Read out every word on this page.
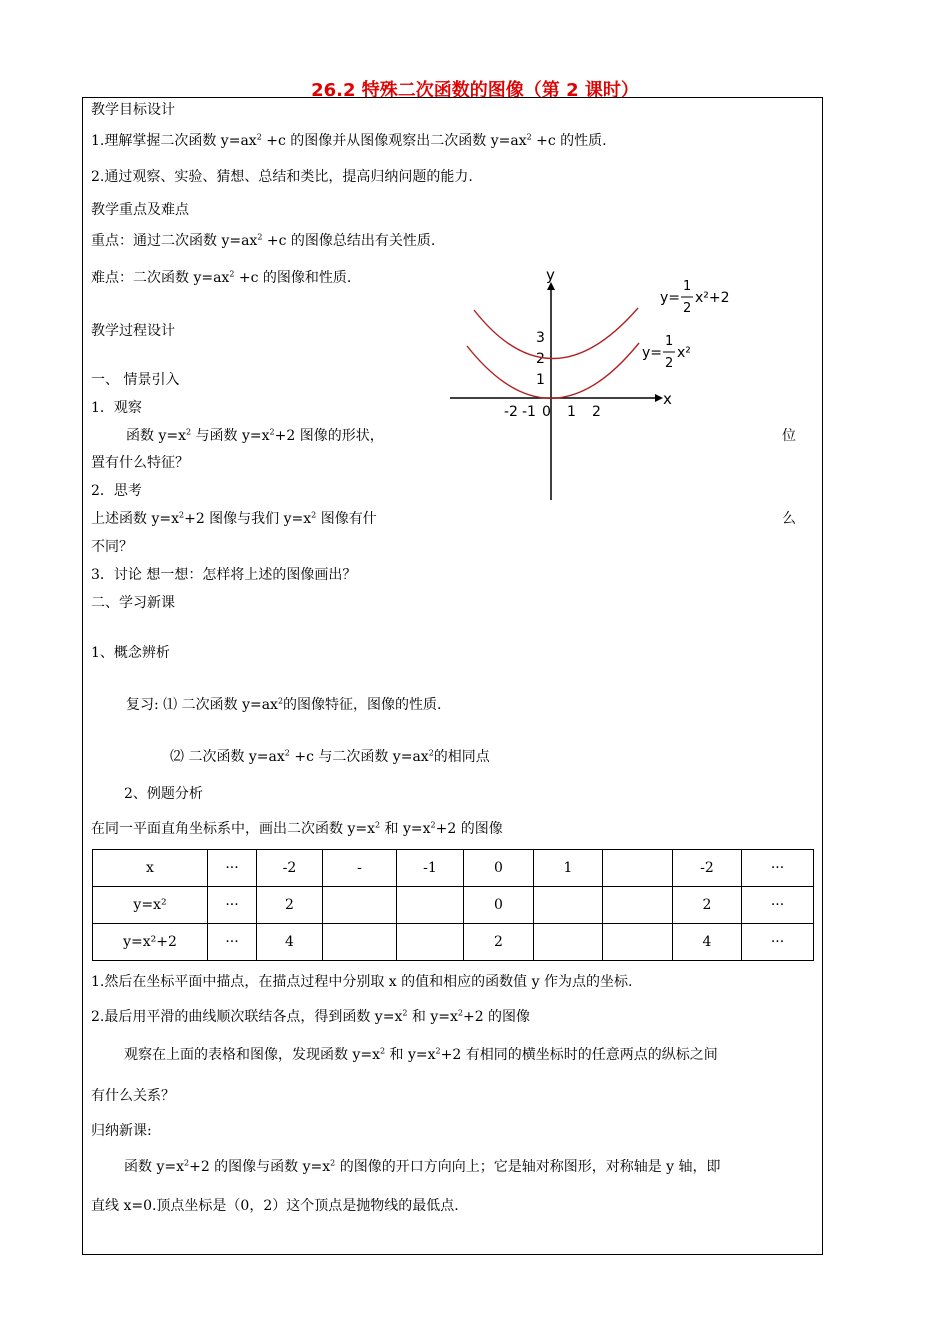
26.2 特殊二次函数的图像（第 2 课时）
教学目标设计
1.理解掌握二次函数 $y=ax^2 +c$ 的图像并从图像观察出二次函数 $y=ax^2 +c$ 的性质.
2.通过观察、实验、猜想、总结和类比，提高归纳问题的能力.
教学重点及难点
重点：通过二次函数 $y=ax^2 +c$ 的图像总结出有关性质.
难点：二次函数 $y=ax^2 +c$ 的图像和性质.
教学过程设计
一、 情景引入
1．观察
函数 $y=x^2$ 与函数 $y=x^2+2$ 图像的形状，	位
置有什么特征？
2．思考
上述函数 $y=x^2+2$ 图像与我们 $y=x^2$ 图像有什	么
不同？
3．讨论 想一想：怎样将上述的图像画出？
二、学习新课
1、概念辨析
复习: ⑴ 二次函数 $y=ax^2$的图像特征，图像的性质.
⑵ 二次函数 $y=ax^2 +c$ 与二次函数 $y=ax^2$的相同点
2、例题分析
在同一平面直角坐标系中，画出二次函数 $y=x^2$ 和 $y=x^2+2$ 的图像
x	···	-2	-	-1	0	1		-2	···
y=x²	···	2			0			2	···
y=x²+2	···	4			2			4	···
1.然后在坐标平面中描点，在描点过程中分别取 x 的值和相应的函数值 y 作为点的坐标.
2.最后用平滑的曲线顺次联结各点，得到函数 $y=x^2$ 和 $y=x^2+2$ 的图像
观察在上面的表格和图像，发现函数 $y=x^2$ 和 $y=x^2+2$ 有相同的横坐标时的任意两点的纵标之间
有什么关系？
归纳新课:
函数 $y=x^2+2$ 的图像与函数 $y=x^2$ 的图像的开口方向向上；它是轴对称图形，对称轴是 y 轴，即
直线 x=0.顶点坐标是（0，2）这个顶点是抛物线的最低点.
y
x
-2 -1 0 1 2
3
2
1
y=
1
2
x²+2
y=
1
2
x²
